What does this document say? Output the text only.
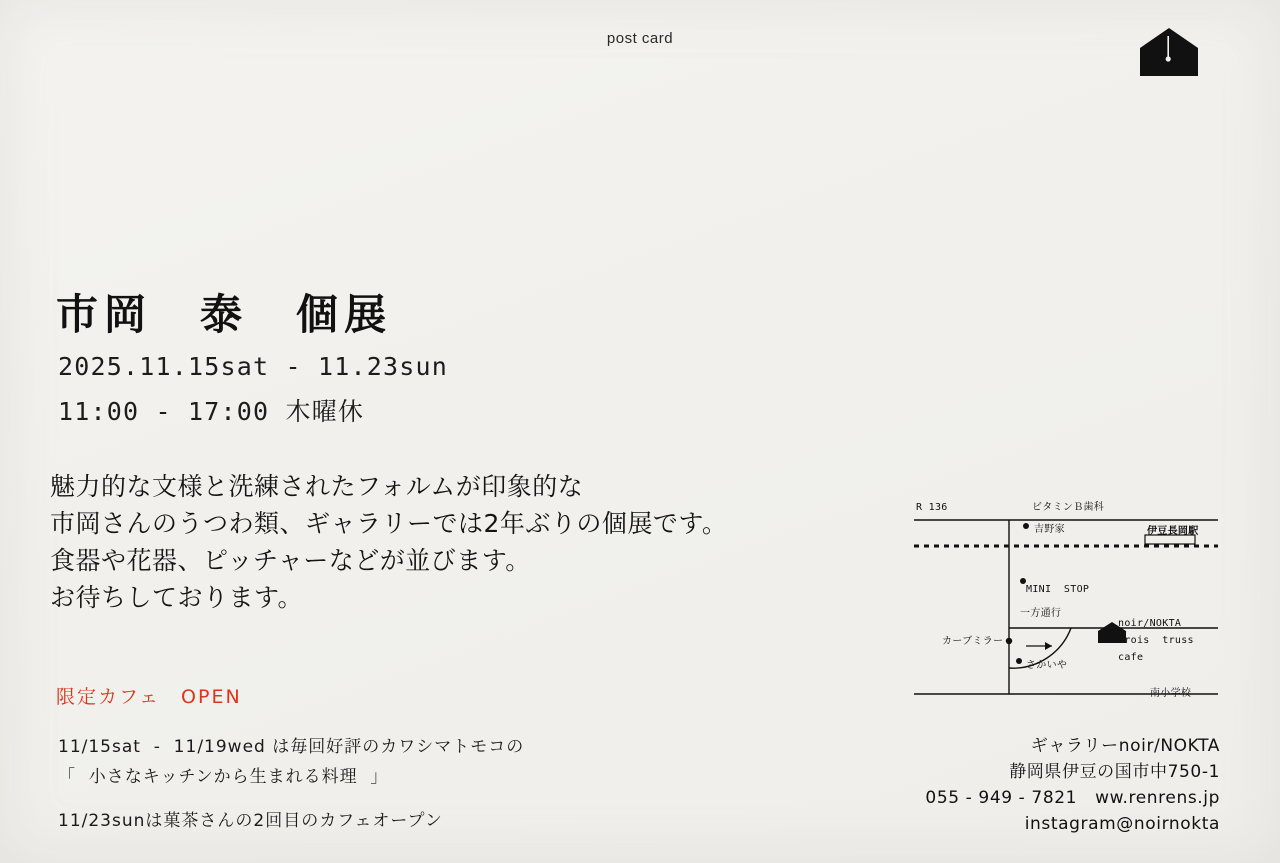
post card
市岡　泰　個展
2025.11.15sat - 11.23sun
11:00 - 17:00 木曜休
魅力的な文様と洗練されたフォルムが印象的な
市岡さんのうつわ類、ギャラリーでは2年ぶりの個展です。
食器や花器、ピッチャーなどが並びます。
お待ちしております。
限定カフェ　OPEN
11/15sat  -  11/19wed は毎回好評のカワシマトモコの
「  小さなキッチンから生まれる料理  」
11/23sunは菓茶さんの2回目のカフェオープン
ギャラリーnoir/NOKTA
静岡県伊豆の国市中750-1
055 - 949 - 7821   ww.renrens.jp
instagram@noirnokta
R 136	ビタミンＢ歯科
吉野家	伊豆長岡駅
MINI  STOP
一方通行
カーブミラー
noir/NOKTA
trois  truss
cafe
さかいや
南小学校
